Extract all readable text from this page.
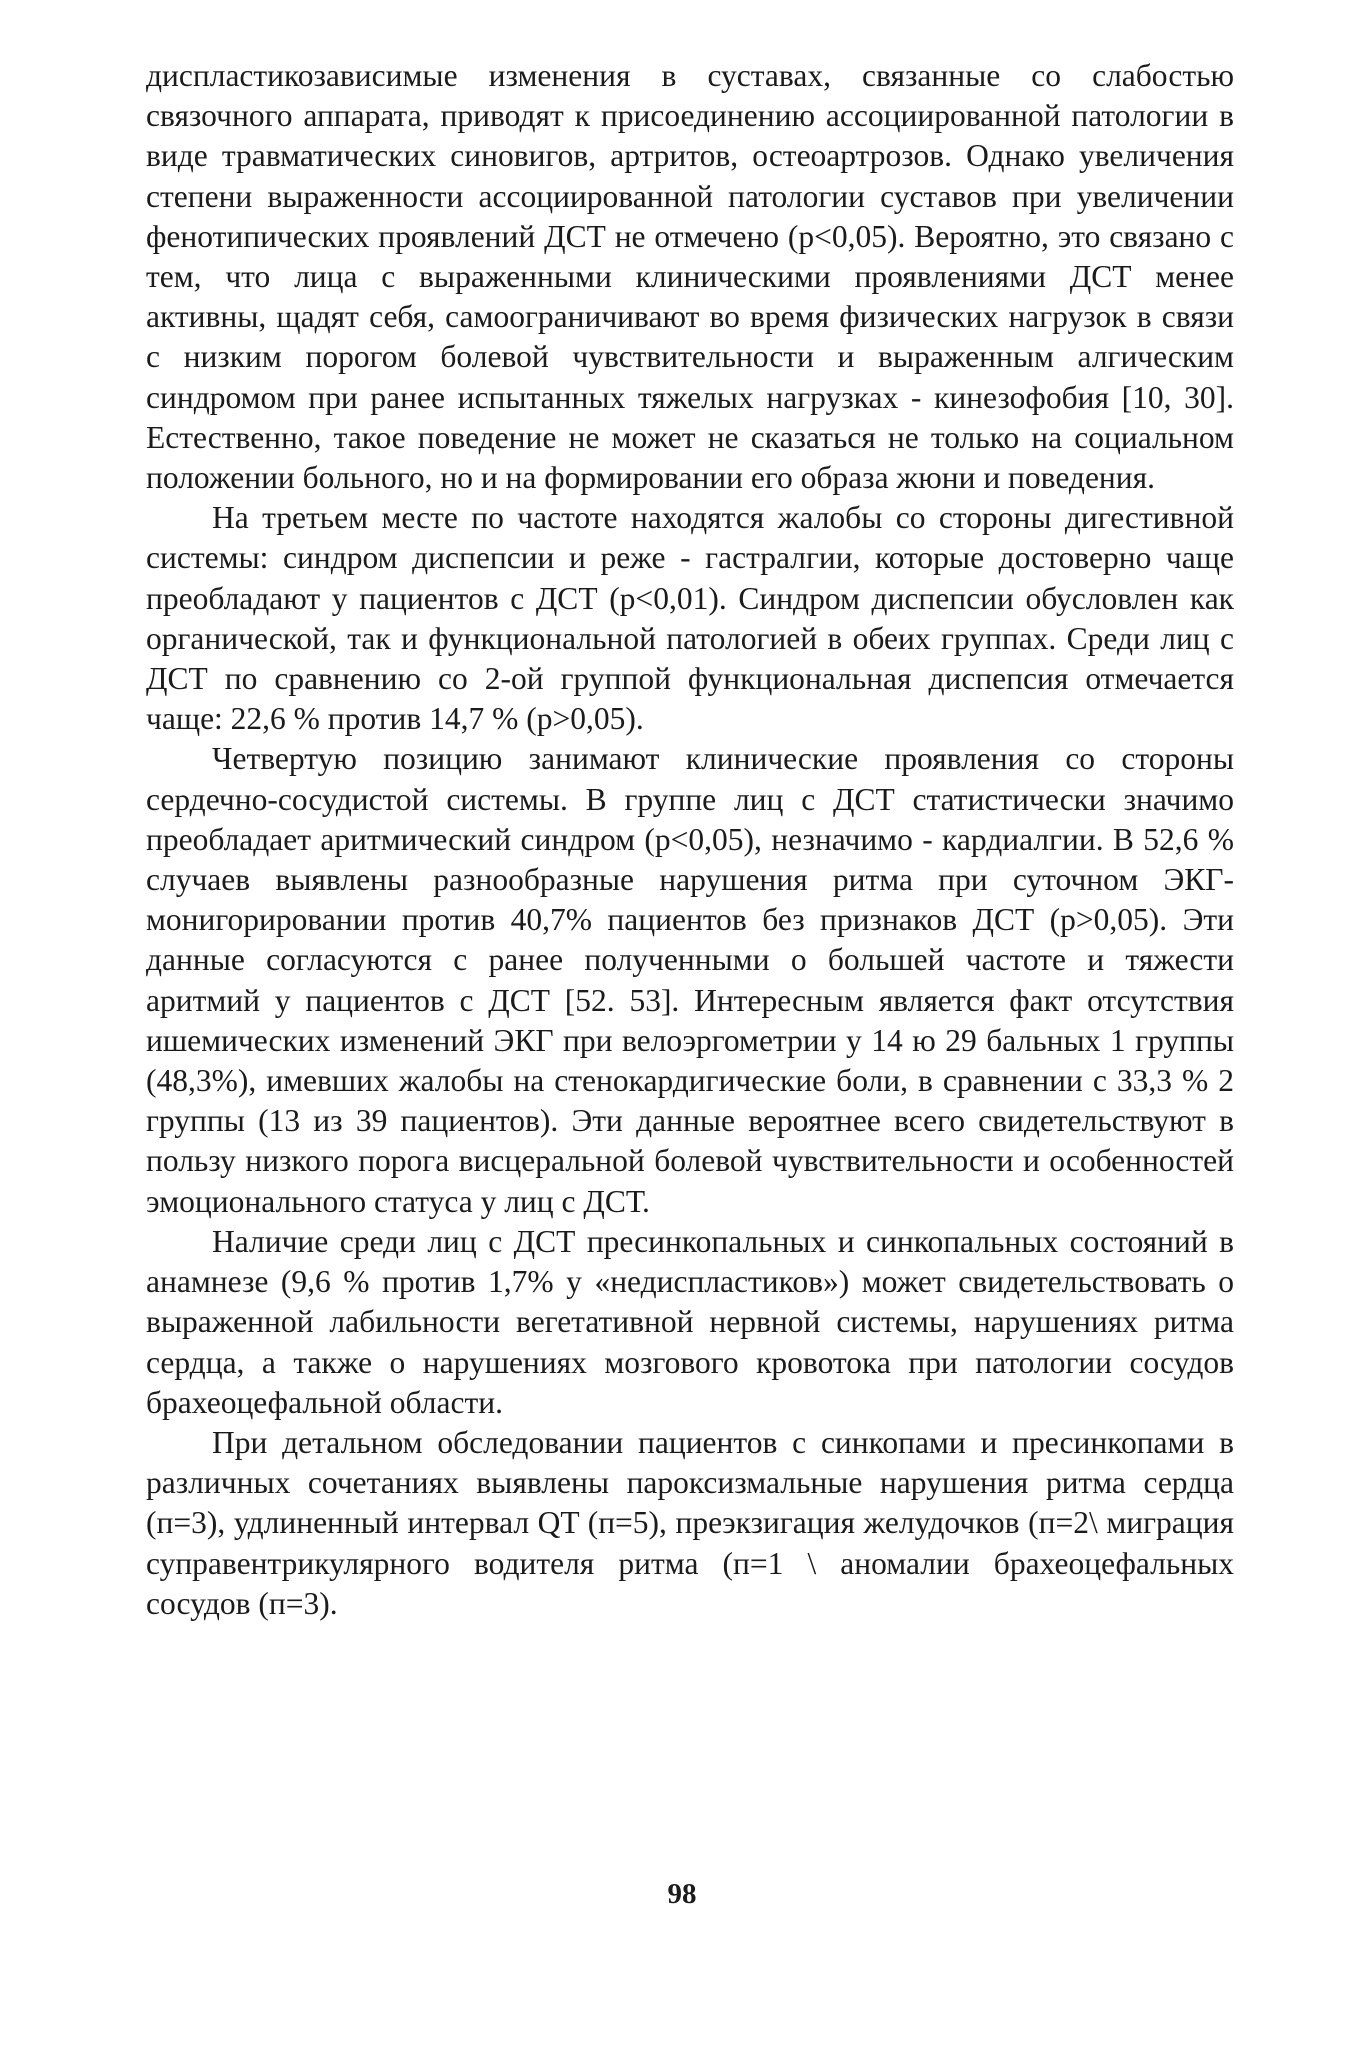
диспластикозависимые изменения в суставах, связанные со слабостью связочного аппарата, приводят к присоединению ассоциированной патологии в виде травматических синовигов, артритов, остеоартрозов. Однако увеличения степени выраженности ассоциированной патологии суставов при увеличении фенотипических проявлений ДСТ не отмечено (р<0,05). Вероятно, это связано с тем, что лица с выраженными клиническими проявлениями ДСТ менее активны, щадят себя, самоограничивают во время физических нагрузок в связи с низким порогом болевой чувствительности и выраженным алгическим синдромом при ранее испытанных тяжелых нагрузках - кинезофобия [10, 30]. Естественно, такое поведение не может не сказаться не только на социальном положении больного, но и на формировании его образа жюни и поведения.

На третьем месте по частоте находятся жалобы со стороны дигестивной системы: синдром диспепсии и реже - гастралгии, которые достоверно чаще преобладают у пациентов с ДСТ (р<0,01). Синдром диспепсии обусловлен как органической, так и функциональной патологией в обеих группах. Среди лиц с ДСТ по сравнению со 2-ой группой функциональная диспепсия отмечается чаще: 22,6 % против 14,7 % (р>0,05).

Четвертую позицию занимают клинические проявления со стороны сердечно-сосудистой системы. В группе лиц с ДСТ статистически значимо преобладает аритмический синдром (р<0,05), незначимо - кардиалгии. В 52,6 % случаев выявлены разнообразные нарушения ритма при суточном ЭКГ-монигорировании против 40,7% пациентов без признаков ДСТ (р>0,05). Эти данные согласуются с ранее полученными о большей частоте и тяжести аритмий у пациентов с ДСТ [52. 53]. Интересным является факт отсутствия ишемических изменений ЭКГ при велоэргометрии у 14 ю 29 бальных 1 группы (48,3%), имевших жалобы на стенокардигические боли, в сравнении с 33,3 % 2 группы (13 из 39 пациентов). Эти данные вероятнее всего свидетельствуют в пользу низкого порога висцеральной болевой чувствительности и особенностей эмоционального статуса у лиц с ДСТ.

Наличие среди лиц с ДСТ пресинкопальных и синкопальных состояний в анамнезе (9,6 % против 1,7% у «недиспластиков») может свидетельствовать о выраженной лабильности вегетативной нервной системы, нарушениях ритма сердца, а также о нарушениях мозгового кровотока при патологии сосудов брахеоцефальной области.

При детальном обследовании пациентов с синкопами и пресинкопами в различных сочетаниях выявлены пароксизмальные нарушения ритма сердца (п=3), удлиненный интервал QT (п=5), преэкзигация желудочков (п=2\ миграция суправентрикулярного водителя ритма (п=1 \ аномалии брахеоцефальных сосудов (п=3).

98
